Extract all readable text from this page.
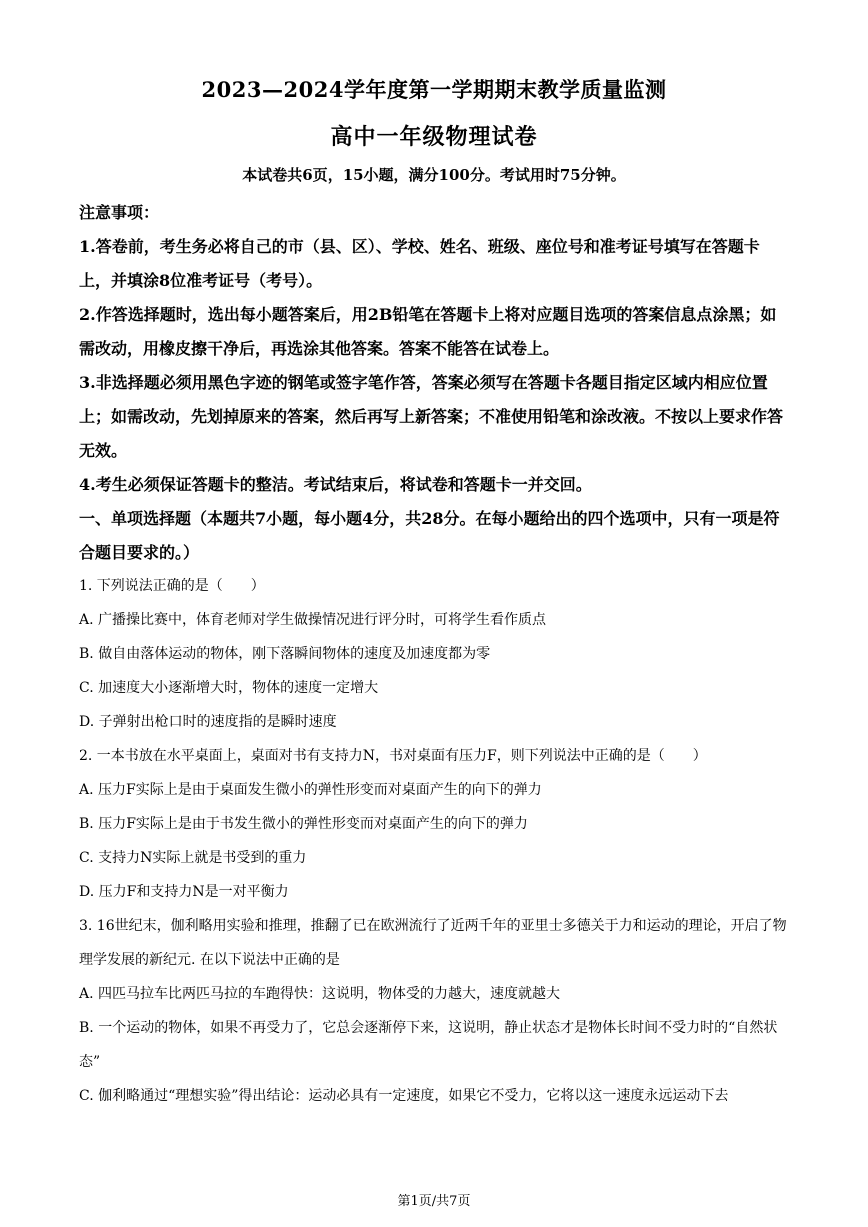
2023—2024学年度第一学期期末教学质量监测
高中一年级物理试卷
本试卷共6页，15小题，满分100分。考试用时75分钟。

注意事项：

1.答卷前，考生务必将自己的市（县、区）、学校、姓名、班级、座位号和准考证号填写在答题卡上，并填涂8位准考证号（考号）。

2.作答选择题时，选出每小题答案后，用2B铅笔在答题卡上将对应题目选项的答案信息点涂黑；如需改动，用橡皮擦干净后，再选涂其他答案。答案不能答在试卷上。

3.非选择题必须用黑色字迹的钢笔或签字笔作答，答案必须写在答题卡各题目指定区域内相应位置上；如需改动，先划掉原来的答案，然后再写上新答案；不准使用铅笔和涂改液。不按以上要求作答无效。

4.考生必须保证答题卡的整洁。考试结束后，将试卷和答题卡一并交回。

一、单项选择题（本题共7小题，每小题4分，共28分。在每小题给出的四个选项中，只有一项是符合题目要求的。）

1. 下列说法正确的是（　　）

A. 广播操比赛中，体育老师对学生做操情况进行评分时，可将学生看作质点

B. 做自由落体运动的物体，刚下落瞬间物体的速度及加速度都为零

C. 加速度大小逐渐增大时，物体的速度一定增大

D. 子弹射出枪口时的速度指的是瞬时速度

2. 一本书放在水平桌面上，桌面对书有支持力N，书对桌面有压力F，则下列说法中正确的是（　　）

A. 压力F实际上是由于桌面发生微小的弹性形变而对桌面产生的向下的弹力

B. 压力F实际上是由于书发生微小的弹性形变而对桌面产生的向下的弹力

C. 支持力N实际上就是书受到的重力

D. 压力F和支持力N是一对平衡力

3. 16世纪末，伽利略用实验和推理，推翻了已在欧洲流行了近两千年的亚里士多德关于力和运动的理论，开启了物理学发展的新纪元. 在以下说法中正确的是

A. 四匹马拉车比两匹马拉的车跑得快：这说明，物体受的力越大，速度就越大

B. 一个运动的物体，如果不再受力了，它总会逐渐停下来，这说明，静止状态才是物体长时间不受力时的“自然状态”

C. 伽利略通过“理想实验”得出结论：运动必具有一定速度，如果它不受力，它将以这一速度永远运动下去

第1页/共7页
